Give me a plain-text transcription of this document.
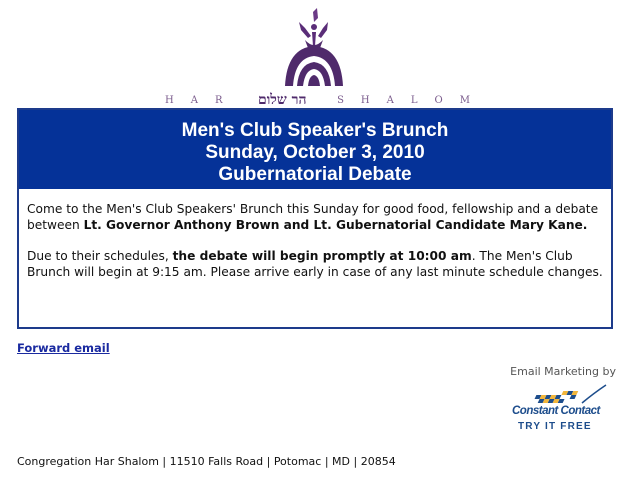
H A R	הר שלום	S H A L O M
Men's Club Speaker's Brunch
Sunday, October 3, 2010
Gubernatorial Debate

Come to the Men's Club Speakers' Brunch this Sunday for good food, fellowship and a debate between Lt. Governor Anthony Brown and Lt. Gubernatorial Candidate Mary Kane.

Due to their schedules, the debate will begin promptly at 10:00 am. The Men's Club Brunch will begin at 9:15 am. Please arrive early in case of any last minute schedule changes.

Forward email
Email Marketing by
Constant Contact
TRY IT FREE
Congregation Har Shalom | 11510 Falls Road | Potomac | MD | 20854
